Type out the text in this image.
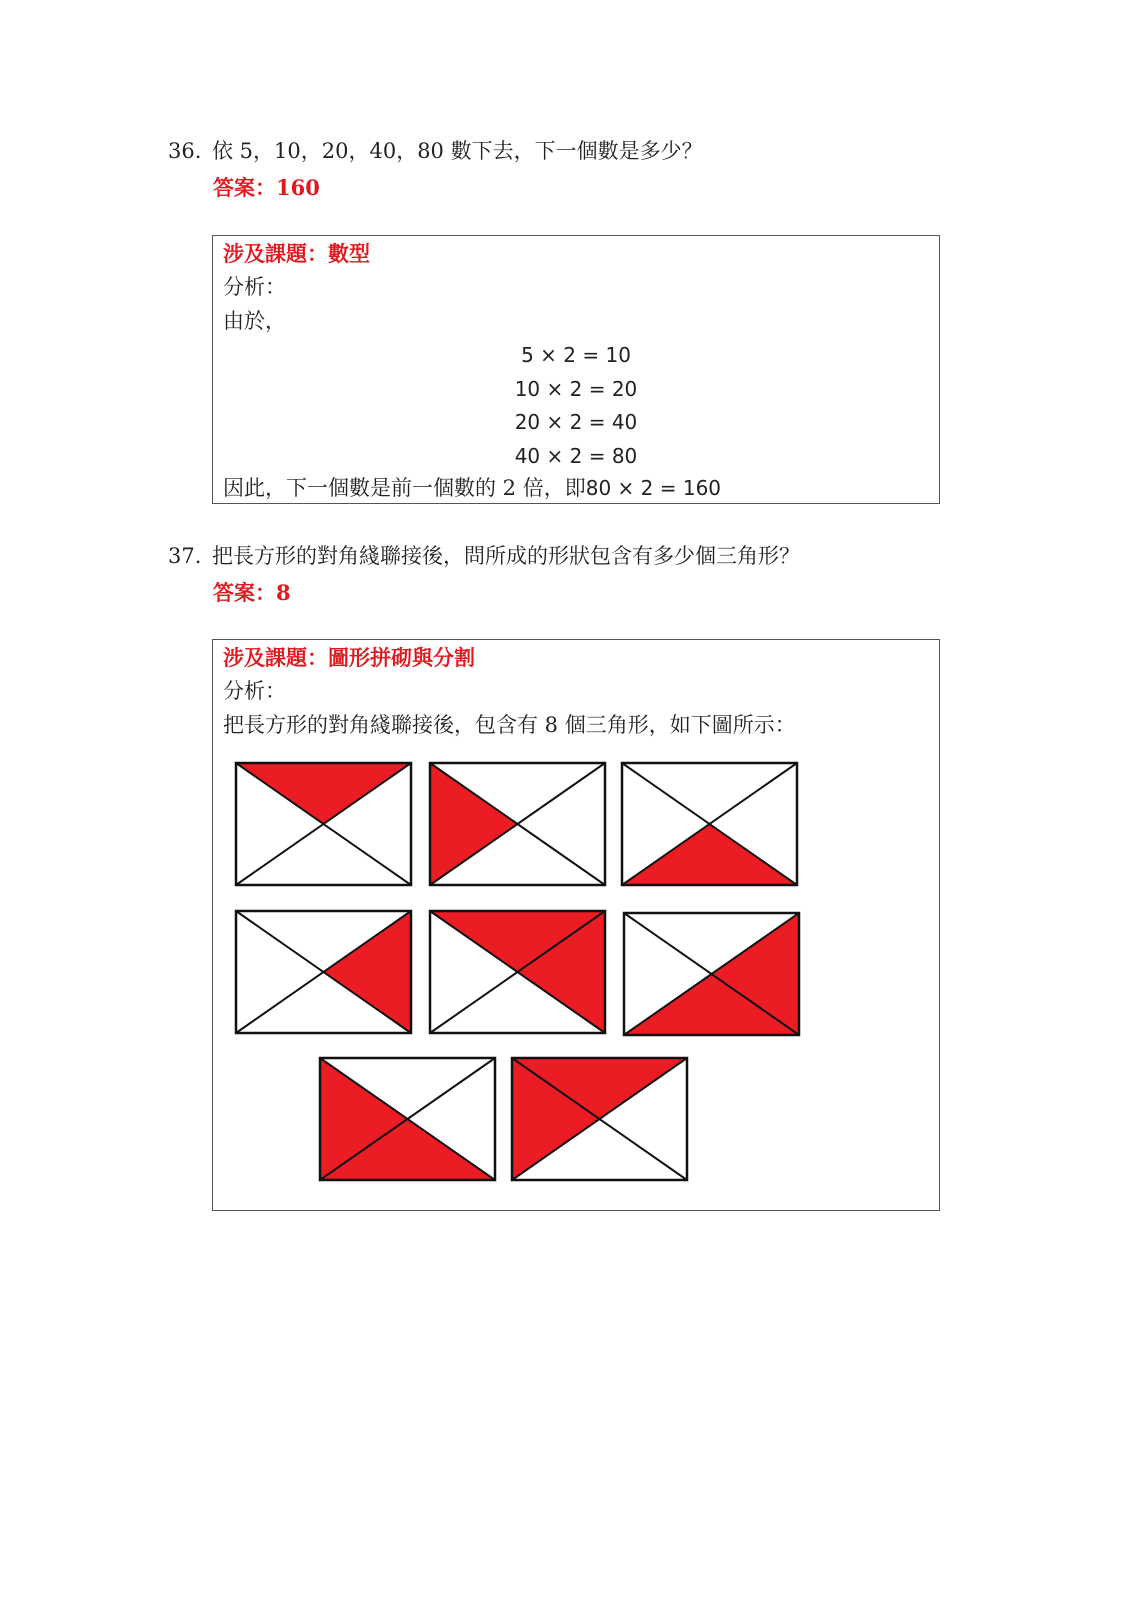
36. 依 5，10，20，40，80 數下去，下一個數是多少？
答案：160
涉及課題：數型
分析：
由於，
5 × 2 = 10
10 × 2 = 20
20 × 2 = 40
40 × 2 = 80
因此，下一個數是前一個數的 2 倍，即80 × 2 = 160
37. 把長方形的對角綫聯接後，問所成的形狀包含有多少個三角形？
答案：8
涉及課題：圖形拼砌與分割
分析：
把長方形的對角綫聯接後，包含有 8 個三角形，如下圖所示：
